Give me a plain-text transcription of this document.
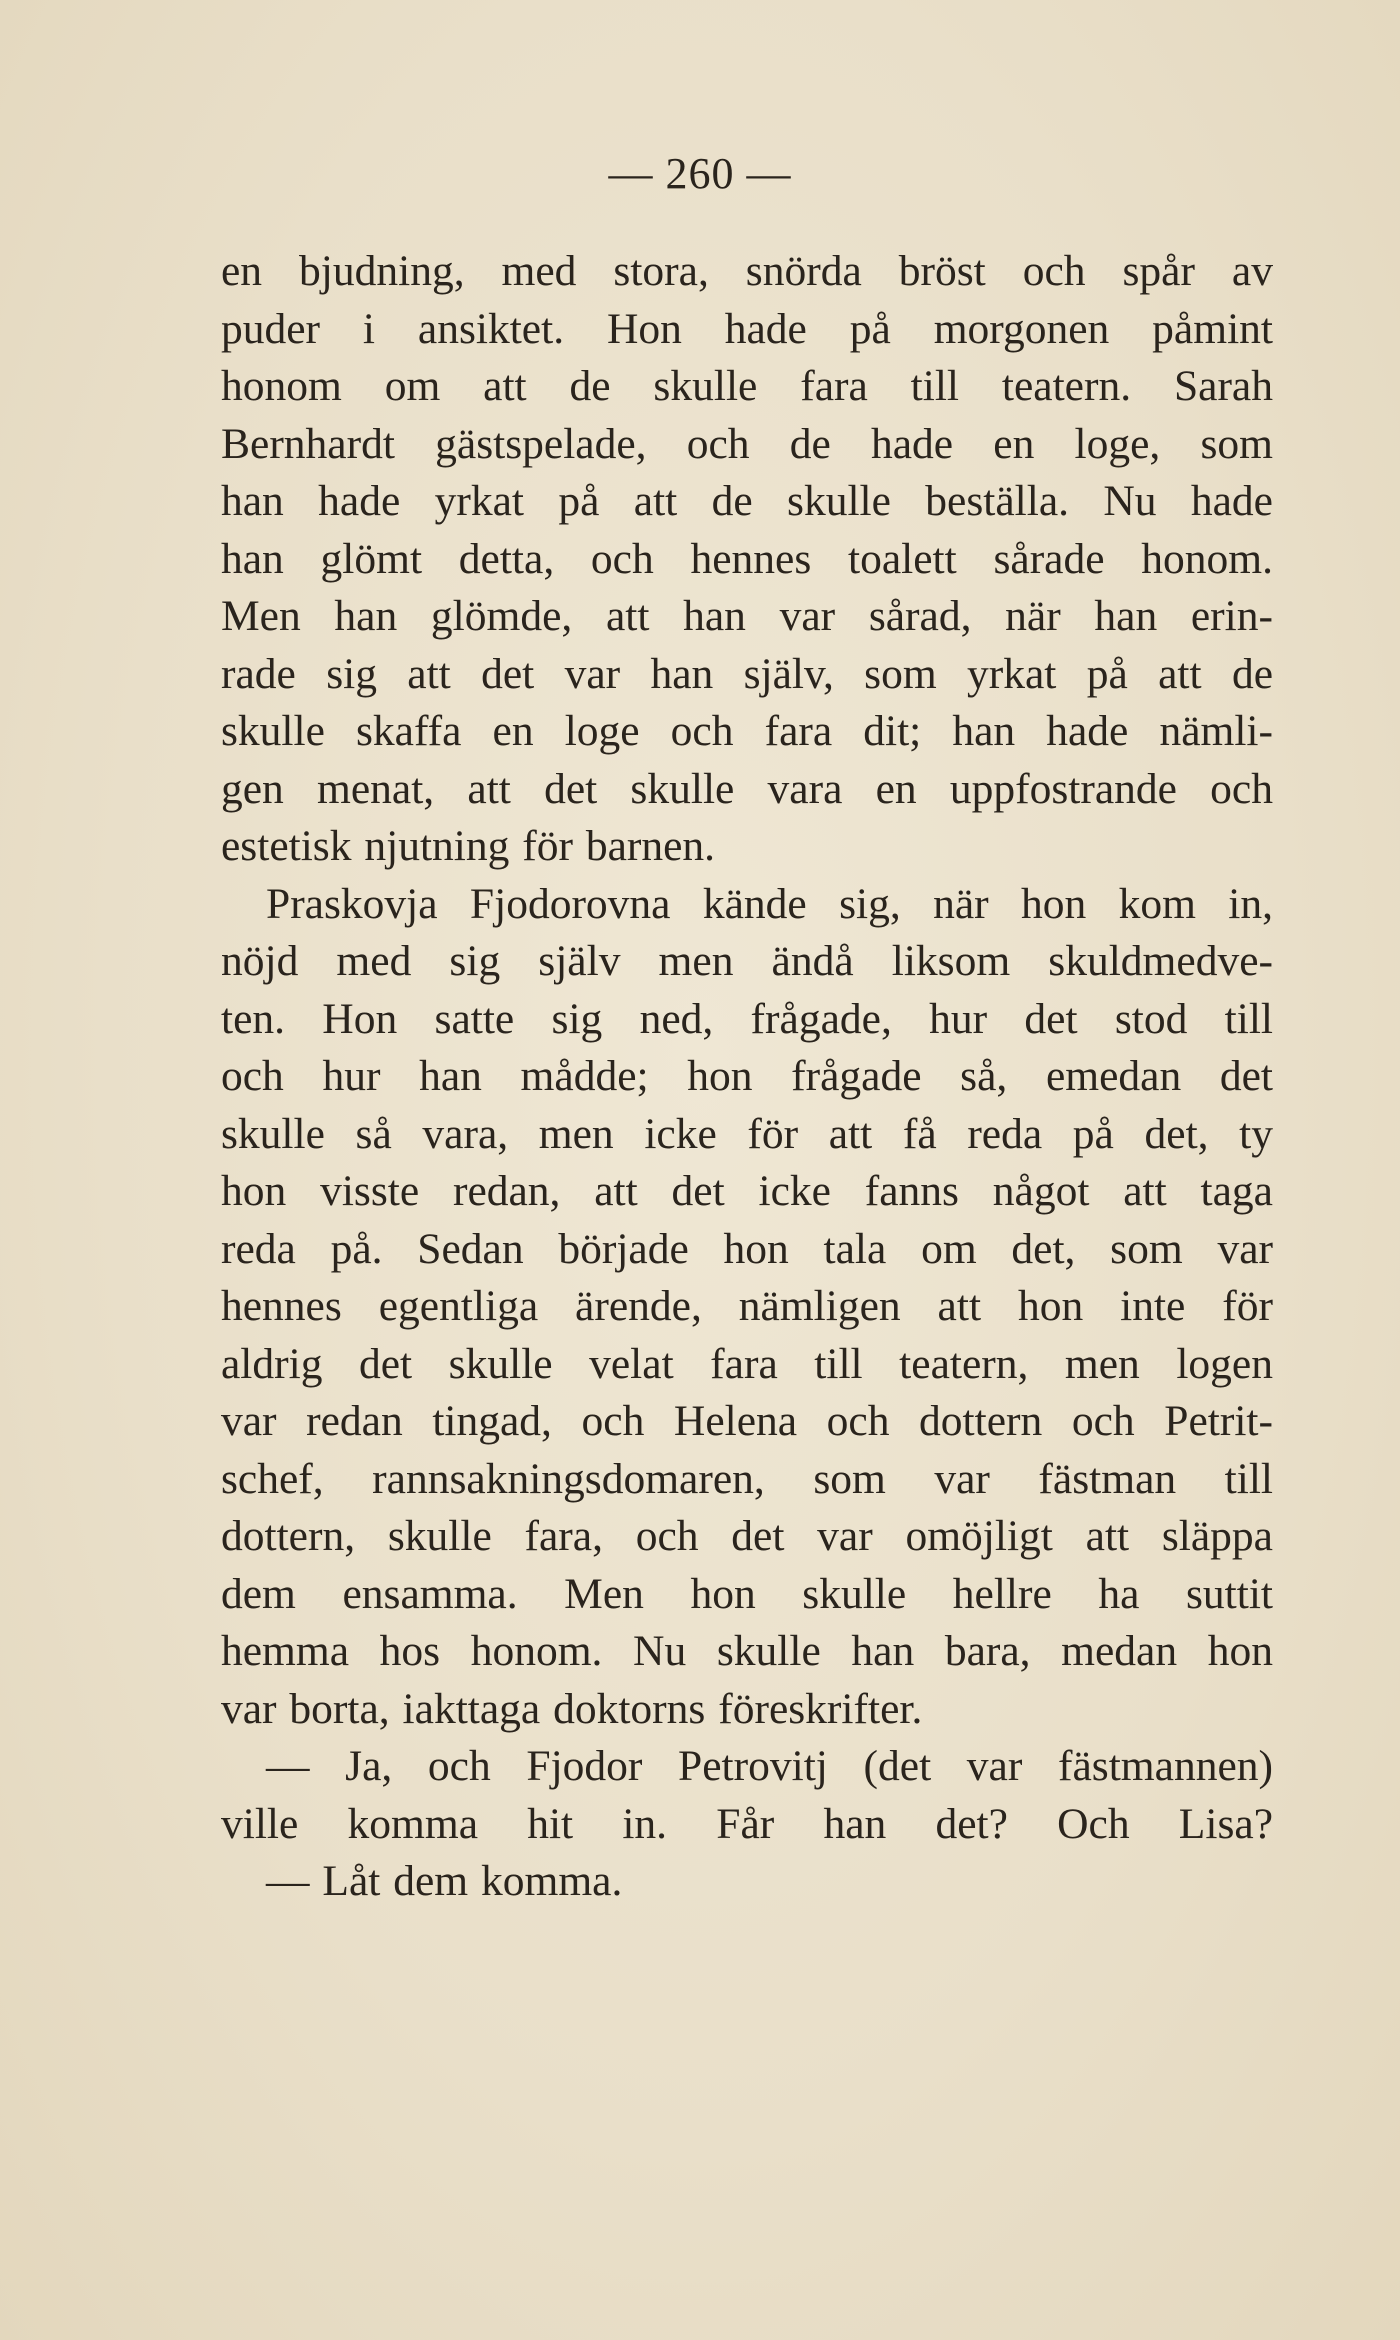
— 260 —
en bjudning, med stora, snörda bröst och spår av
puder i ansiktet. Hon hade på morgonen påmint
honom om att de skulle fara till teatern. Sarah
Bernhardt gästspelade, och de hade en loge, som
han hade yrkat på att de skulle beställa. Nu hade
han glömt detta, och hennes toalett sårade honom.
Men han glömde, att han var sårad, när han erin-
rade sig att det var han själv, som yrkat på att de
skulle skaffa en loge och fara dit; han hade nämli-
gen menat, att det skulle vara en uppfostrande och
estetisk njutning för barnen.
Praskovja Fjodorovna kände sig, när hon kom in,
nöjd med sig själv men ändå liksom skuldmedve-
ten. Hon satte sig ned, frågade, hur det stod till
och hur han mådde; hon frågade så, emedan det
skulle så vara, men icke för att få reda på det, ty
hon visste redan, att det icke fanns något att taga
reda på. Sedan började hon tala om det, som var
hennes egentliga ärende, nämligen att hon inte för
aldrig det skulle velat fara till teatern, men logen
var redan tingad, och Helena och dottern och Petrit-
schef, rannsakningsdomaren, som var fästman till
dottern, skulle fara, och det var omöjligt att släppa
dem ensamma. Men hon skulle hellre ha suttit
hemma hos honom. Nu skulle han bara, medan hon
var borta, iakttaga doktorns föreskrifter.
— Ja, och Fjodor Petrovitj (det var fästmannen)
ville komma hit in. Får han det? Och Lisa?
— Låt dem komma.
